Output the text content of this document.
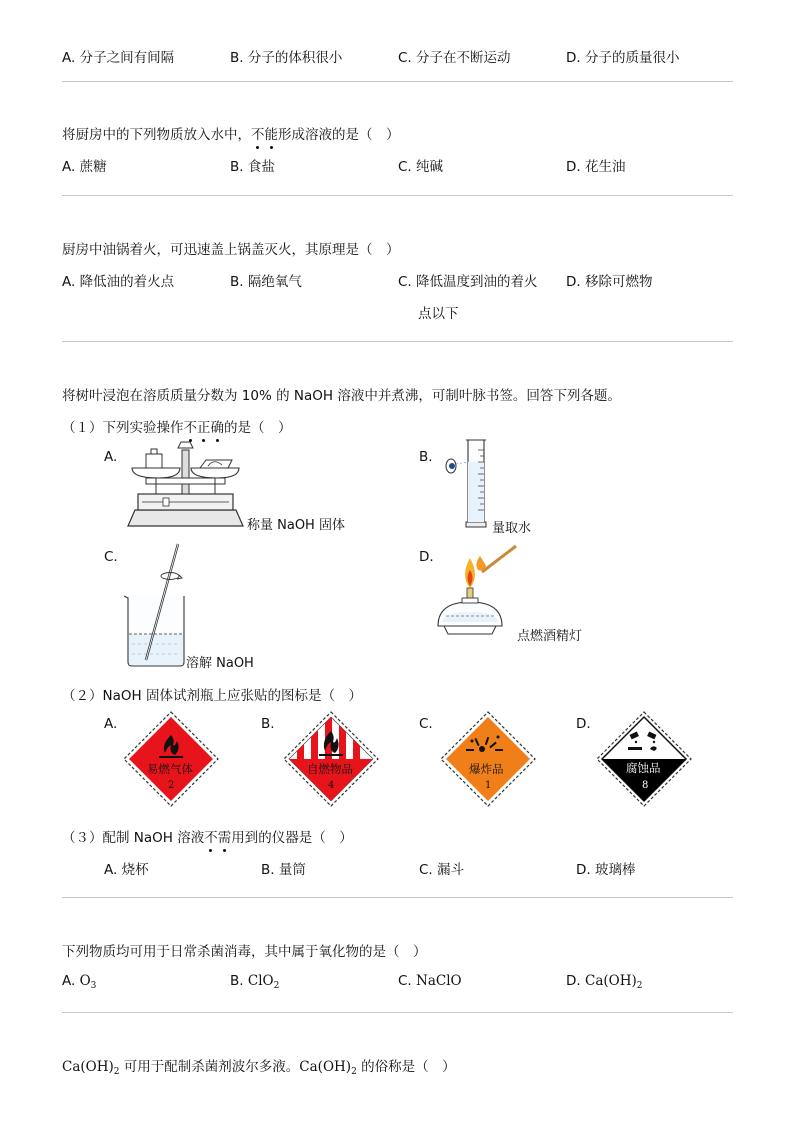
A. 分子之间有间隔	B. 分子的体积很小	C. 分子在不断运动	D. 分子的质量很小
将厨房中的下列物质放入水中，不能形成溶液的是（　）
A. 蔗糖	B. 食盐	C. 纯碱	D. 花生油
厨房中油锅着火，可迅速盖上锅盖灭火，其原理是（　）
A. 降低油的着火点	B. 隔绝氧气	C. 降低温度到油的着火
点以下
D. 移除可燃物
将树叶浸泡在溶质质量分数为 10% 的 NaOH 溶液中并煮沸，可制叶脉书签。回答下列各题。
（１）下列实验操作不正确的是（　）
A.
称量 NaOH 固体
B.
量取水
C.
溶解 NaOH
D.
点燃酒精灯
（２）NaOH 固体试剂瓶上应张贴的图标是（　）
A.
易燃气体
2
B.
自燃物品
4
C.
爆炸品
1
D.
腐蚀品
8
（３）配制 NaOH 溶液不需用到的仪器是（　）
A. 烧杯	B. 量筒	C. 漏斗	D. 玻璃棒
下列物质均可用于日常杀菌消毒，其中属于氧化物的是（　）
A. $O_3$	B. ClO$_2$	C. NaClO	D. $Ca(OH)_2$
$Ca(OH)_2$ 可用于配制杀菌剂波尔多液。$Ca(OH)_2$ 的俗称是（　）
